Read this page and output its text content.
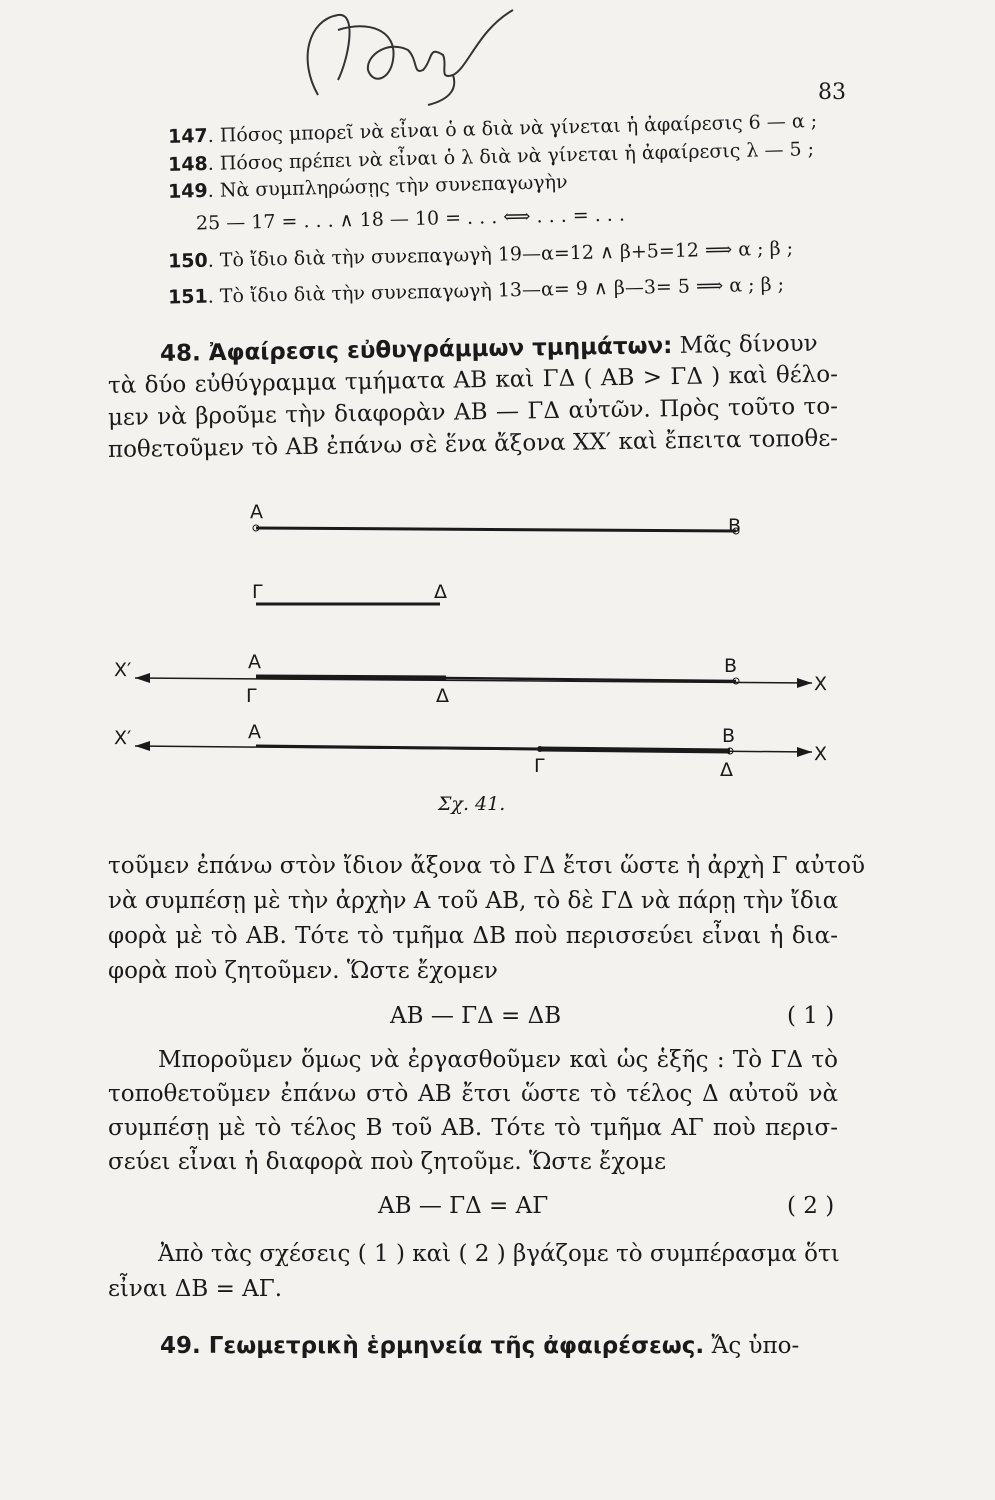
83
147. Πόσος μπορεῖ νὰ εἶναι ὁ α διὰ νὰ γίνεται ἡ ἀφαίρεσις 6 — α ;
148. Πόσος πρέπει νὰ εἶναι ὁ λ διὰ νὰ γίνεται ἡ ἀφαίρεσις λ — 5 ;
149. Νὰ συμπληρώσῃς τὴν συνεπαγωγὴν
25 — 17 = . . . ∧ 18 — 10 = . . . ⟺ . . . = . . .
150. Τὸ ἴδιο διὰ τὴν συνεπαγωγὴ 19—α=12 ∧ β+5=12 ⟹ α ; β ;
151. Τὸ ἴδιο διὰ τὴν συνεπαγωγὴ 13—α= 9 ∧ β—3= 5 ⟹ α ; β ;
48. Ἀφαίρεσις εὐθυγράμμων τμημάτων: Μᾶς δίνουν
τὰ δύο εὐθύγραμμα τμήματα ΑΒ καὶ ΓΔ ( ΑΒ > ΓΔ ) καὶ θέλο-
μεν νὰ βροῦμε τὴν διαφορὰν ΑΒ — ΓΔ αὐτῶν. Πρὸς τοῦτο το-
ποθετοῦμεν τὸ ΑΒ ἐπάνω σὲ ἕνα ἄξονα ΧΧ′ καὶ ἔπειτα τοποθε-
Α
Β
Γ	Δ
Χ′
Χ
Α	Β
Γ	Δ
Χ′
Χ
Α	Β
Γ	Δ
Σχ. 41.
τοῦμεν ἐπάνω στὸν ἴδιον ἄξονα τὸ ΓΔ ἔτσι ὥστε ἡ ἀρχὴ Γ αὐτοῦ
νὰ συμπέσῃ μὲ τὴν ἀρχὴν Α τοῦ ΑΒ, τὸ δὲ ΓΔ νὰ πάρῃ τὴν ἴδια
φορὰ μὲ τὸ ΑΒ. Τότε τὸ τμῆμα ΔΒ ποὺ περισσεύει εἶναι ἡ δια-
φορὰ ποὺ ζητοῦμεν. Ὥστε ἔχομεν
ΑΒ — ΓΔ = ΔΒ	( 1 )
Μποροῦμεν ὅμως νὰ ἐργασθοῦμεν καὶ ὡς ἑξῆς : Τὸ ΓΔ τὸ
τοποθετοῦμεν ἐπάνω στὸ ΑΒ ἔτσι ὥστε τὸ τέλος Δ αὐτοῦ νὰ
συμπέσῃ μὲ τὸ τέλος Β τοῦ ΑΒ. Τότε τὸ τμῆμα ΑΓ ποὺ περισ-
σεύει εἶναι ἡ διαφορὰ ποὺ ζητοῦμε. Ὥστε ἔχομε
ΑΒ — ΓΔ = ΑΓ	( 2 )
Ἀπὸ τὰς σχέσεις ( 1 ) καὶ ( 2 ) βγάζομε τὸ συμπέρασμα ὅτι
εἶναι ΔΒ = ΑΓ.
49. Γεωμετρικὴ ἑρμηνεία τῆς ἀφαιρέσεως. Ἄς ὑπο-
